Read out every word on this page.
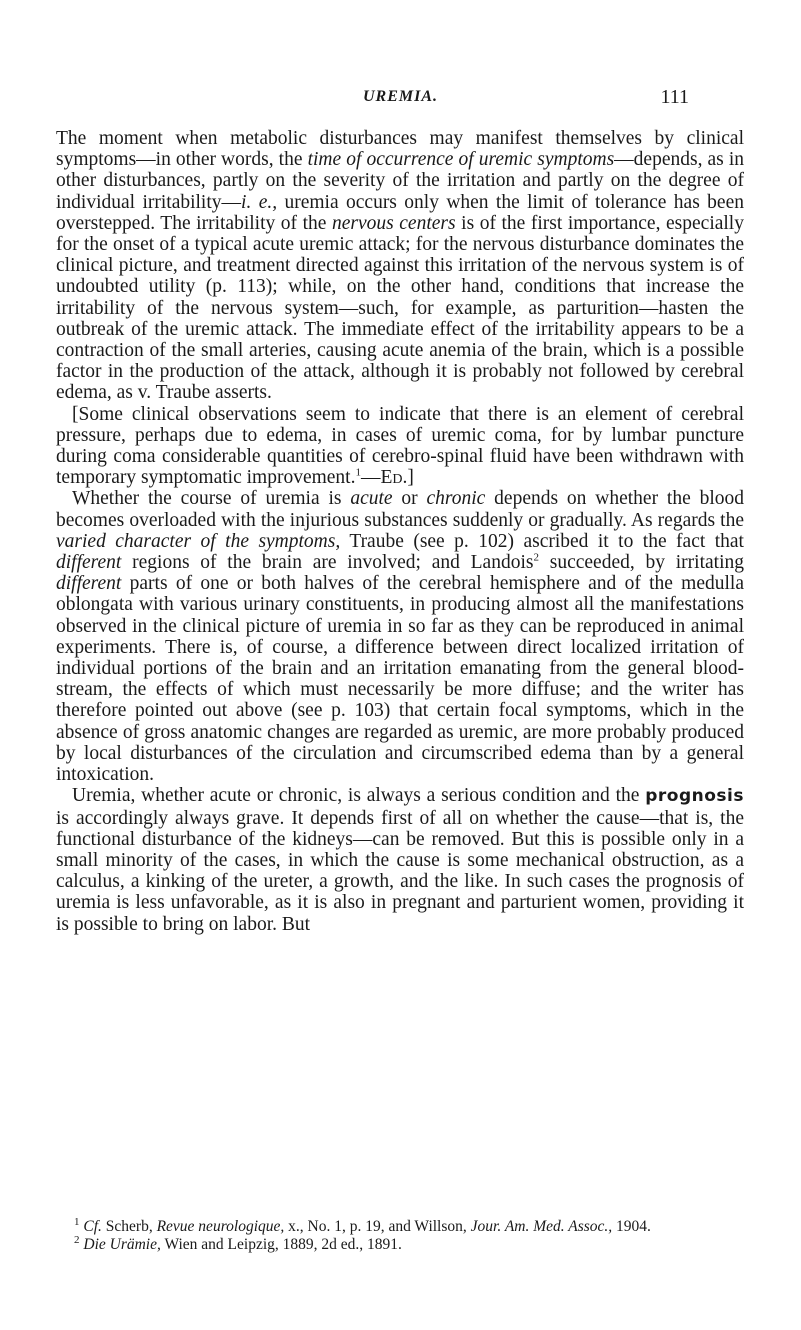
UREMIA.	111

The moment when metabolic disturbances may manifest themselves by clinical symptoms—in other words, the time of occurrence of uremic symptoms—depends, as in other disturbances, partly on the severity of the irritation and partly on the degree of individual irritability—i. e., uremia occurs only when the limit of tolerance has been overstepped. The irritability of the nervous centers is of the first importance, especially for the onset of a typical acute uremic attack; for the nervous disturbance dominates the clinical picture, and treatment directed against this irritation of the nervous system is of undoubted utility (p. 113); while, on the other hand, conditions that increase the irritability of the nervous system—such, for example, as parturition—hasten the outbreak of the uremic attack. The immediate effect of the irritability appears to be a contraction of the small arteries, causing acute anemia of the brain, which is a possible factor in the production of the attack, although it is probably not followed by cerebral edema, as v. Traube asserts.

[Some clinical observations seem to indicate that there is an element of cerebral pressure, perhaps due to edema, in cases of uremic coma, for by lumbar puncture during coma considerable quantities of cerebro-spinal fluid have been withdrawn with temporary symptomatic improvement.$^1$—Ed.]

Whether the course of uremia is acute or chronic depends on whether the blood becomes overloaded with the injurious substances suddenly or gradually. As regards the varied character of the symptoms, Traube (see p. 102) ascribed it to the fact that different regions of the brain are involved; and Landois$^2$ succeeded, by irritating different parts of one or both halves of the cerebral hemisphere and of the medulla oblongata with various urinary constituents, in producing almost all the manifestations observed in the clinical picture of uremia in so far as they can be reproduced in animal experiments. There is, of course, a difference between direct localized irritation of individual portions of the brain and an irritation emanating from the general blood-stream, the effects of which must necessarily be more diffuse; and the writer has therefore pointed out above (see p. 103) that certain focal symptoms, which in the absence of gross anatomic changes are regarded as uremic, are more probably produced by local disturbances of the circulation and circumscribed edema than by a general intoxication.

Uremia, whether acute or chronic, is always a serious condition and the prognosis is accordingly always grave. It depends first of all on whether the cause—that is, the functional disturbance of the kidneys—can be removed. But this is possible only in a small minority of the cases, in which the cause is some mechanical obstruction, as a calculus, a kinking of the ureter, a growth, and the like. In such cases the prognosis of uremia is less unfavorable, as it is also in pregnant and parturient women, providing it is possible to bring on labor. But

$^1$ Cf. Scherb, Revue neurologique, x., No. 1, p. 19, and Willson, Jour. Am. Med. Assoc., 1904.

$^2$ Die Urämie, Wien and Leipzig, 1889, 2d ed., 1891.
